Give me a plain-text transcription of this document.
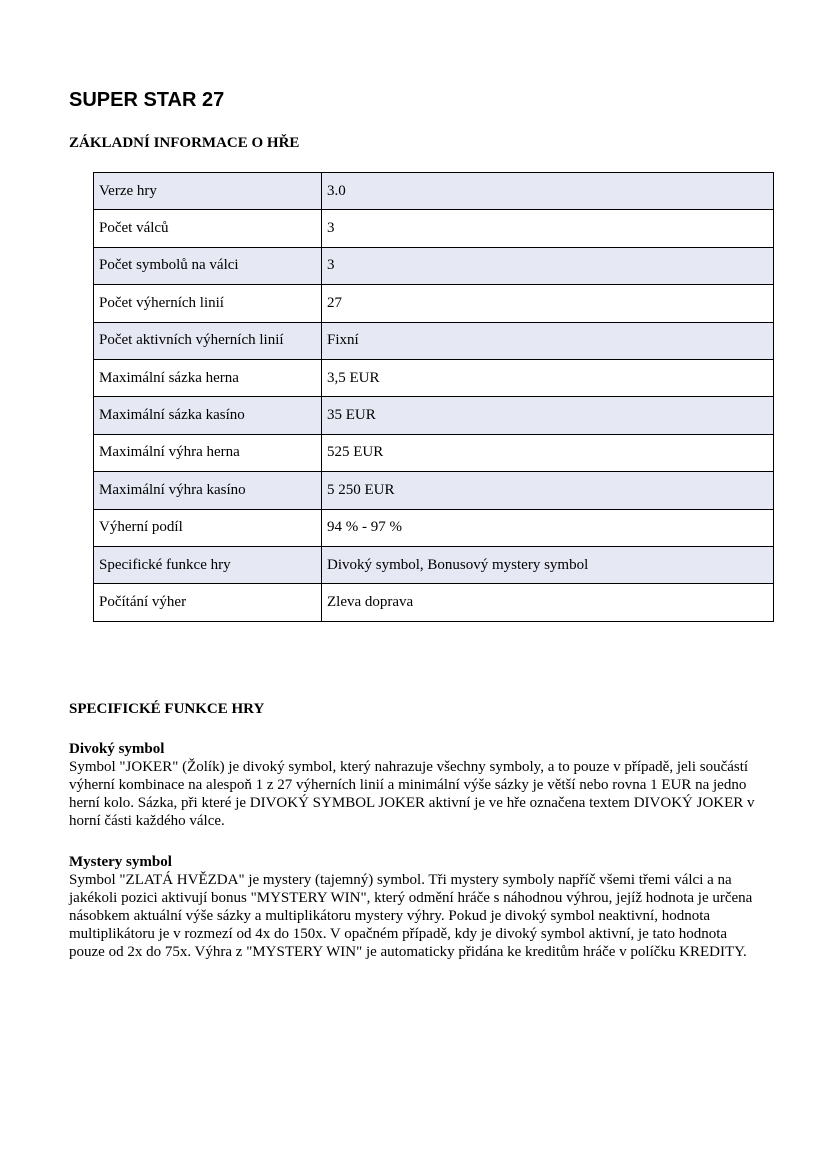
SUPER STAR 27
ZÁKLADNÍ INFORMACE O HŘE
Verze hry	3.0
Počet válců	3
Počet symbolů na válci	3
Počet výherních linií	27
Počet aktivních výherních linií	Fixní
Maximální sázka herna	3,5 EUR
Maximální sázka kasíno	35 EUR
Maximální výhra herna	525 EUR
Maximální výhra kasíno	5 250 EUR
Výherní podíl	94 % - 97 %
Specifické funkce hry	Divoký symbol, Bonusový mystery symbol
Počítání výher	Zleva doprava
SPECIFICKÉ FUNKCE HRY
Divoký symbol
Symbol "JOKER" (Žolík) je divoký symbol, který nahrazuje všechny symboly, a to pouze v případě, jeli součástí výherní kombinace na alespoň 1 z 27 výherních linií a minimální výše sázky je větší nebo rovna 1 EUR na jedno herní kolo. Sázka, při které je DIVOKÝ SYMBOL JOKER aktivní je ve hře označena textem DIVOKÝ JOKER v horní části každého válce.
Mystery symbol
Symbol "ZLATÁ HVĚZDA" je mystery (tajemný) symbol. Tři mystery symboly napříč všemi třemi válci a na jakékoli pozici aktivují bonus "MYSTERY WIN", který odmění hráče s náhodnou výhrou, jejíž hodnota je určena násobkem aktuální výše sázky a multiplikátoru mystery výhry. Pokud je divoký symbol neaktivní, hodnota multiplikátoru je v rozmezí od 4x do 150x. V opačném případě, kdy je divoký symbol aktivní, je tato hodnota pouze od 2x do 75x. Výhra z "MYSTERY WIN" je automaticky přidána ke kreditům hráče v políčku KREDITY.
